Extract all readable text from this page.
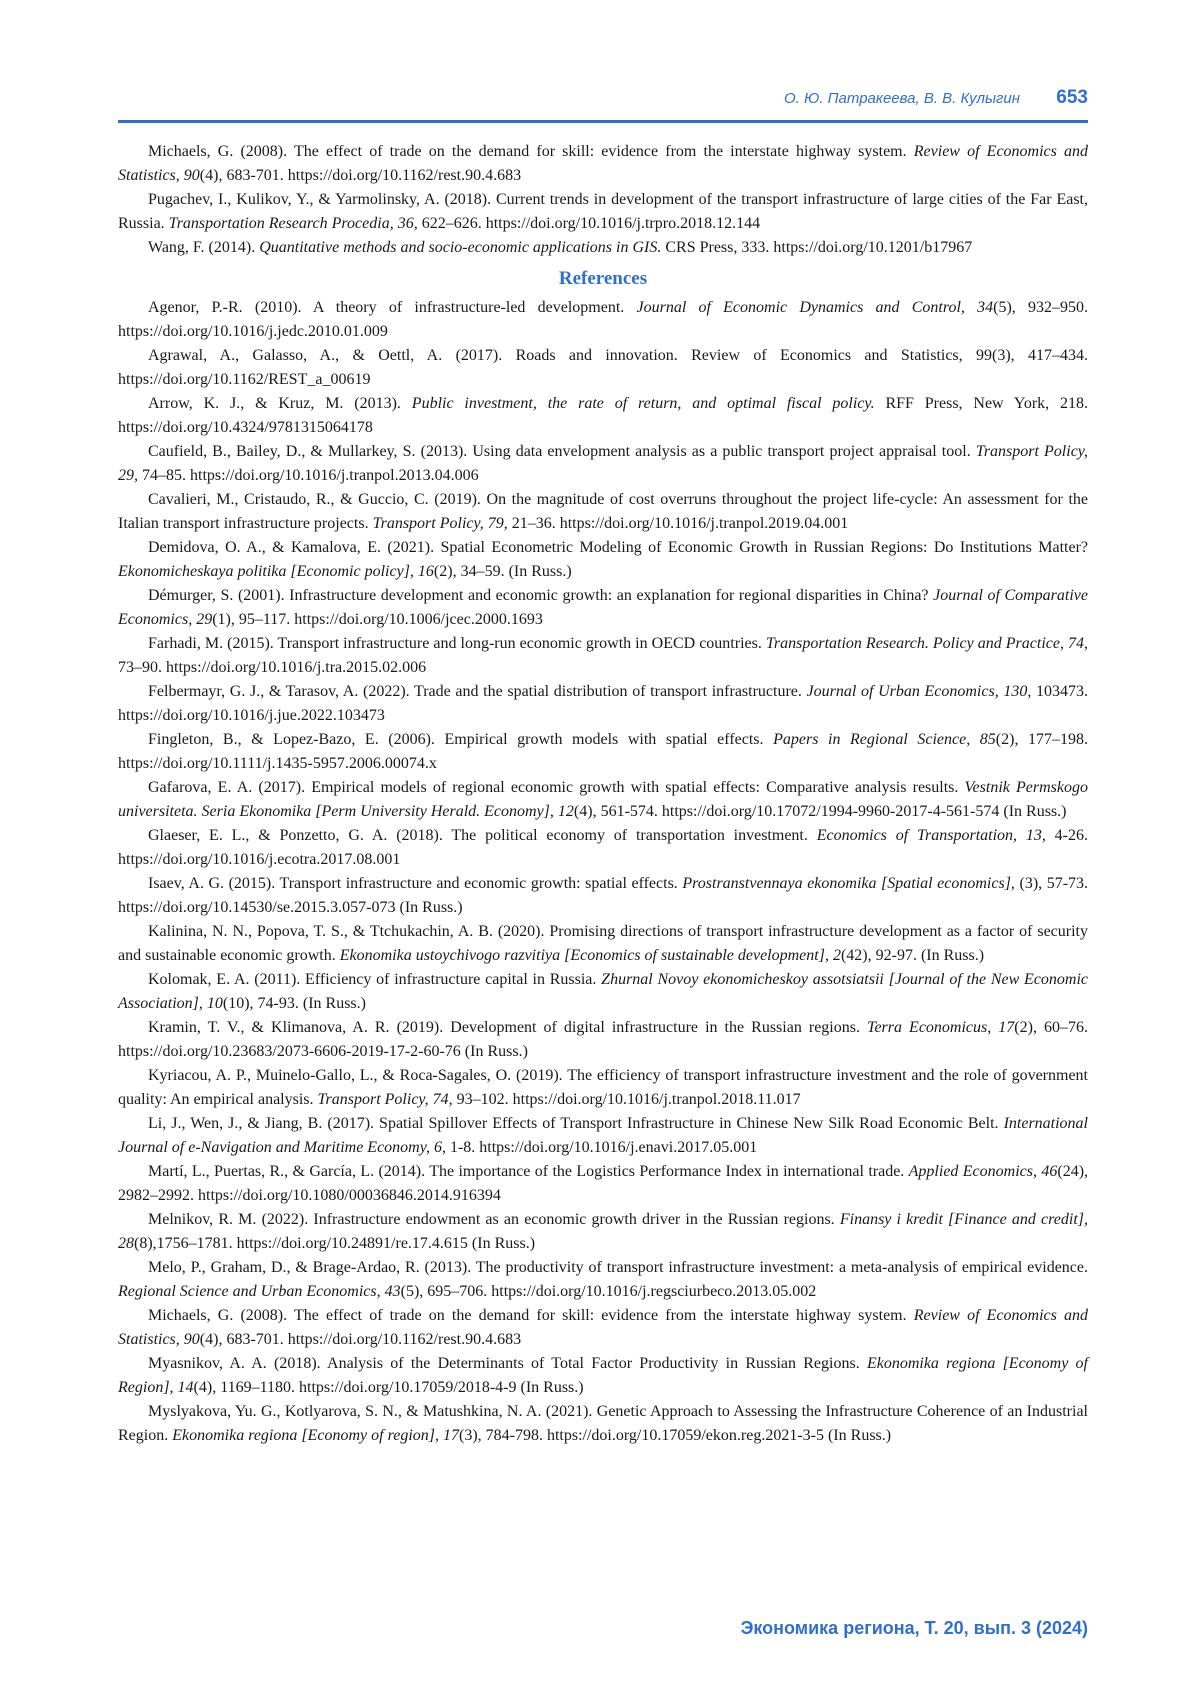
О. Ю. Патракеева, В. В. Кулыгин 653

Michaels, G. (2008). The effect of trade on the demand for skill: evidence from the interstate highway system. Review of Economics and Statistics, 90(4), 683-701. https://doi.org/10.1162/rest.90.4.683

Pugachev, I., Kulikov, Y., & Yarmolinsky, A. (2018). Current trends in development of the transport infrastructure of large cities of the Far East, Russia. Transportation Research Procedia, 36, 622–626. https://doi.org/10.1016/j.trpro.2018.12.144

Wang, F. (2014). Quantitative methods and socio-economic applications in GIS. CRS Press, 333. https://doi.org/10.1201/b17967

References

Agenor, P.-R. (2010). A theory of infrastructure-led development. Journal of Economic Dynamics and Control, 34(5), 932–950. https://doi.org/10.1016/j.jedc.2010.01.009

Agrawal, A., Galasso, A., & Oettl, A. (2017). Roads and innovation. Review of Economics and Statistics, 99(3), 417–434. https://doi.org/10.1162/REST_a_00619

Arrow, K. J., & Kruz, M. (2013). Public investment, the rate of return, and optimal fiscal policy. RFF Press, New York, 218. https://doi.org/10.4324/9781315064178

Caufield, B., Bailey, D., & Mullarkey, S. (2013). Using data envelopment analysis as a public transport project appraisal tool. Transport Policy, 29, 74–85. https://doi.org/10.1016/j.tranpol.2013.04.006

Cavalieri, M., Cristaudo, R., & Guccio, C. (2019). On the magnitude of cost overruns throughout the project life-cycle: An assessment for the Italian transport infrastructure projects. Transport Policy, 79, 21–36. https://doi.org/10.1016/j.tranpol.2019.04.001

Demidova, O. A., & Kamalova, E. (2021). Spatial Econometric Modeling of Economic Growth in Russian Regions: Do Institutions Matter? Ekonomicheskaya politika [Economic policy], 16(2), 34–59. (In Russ.)

Démurger, S. (2001). Infrastructure development and economic growth: an explanation for regional disparities in China? Journal of Comparative Economics, 29(1), 95–117. https://doi.org/10.1006/jcec.2000.1693

Farhadi, M. (2015). Transport infrastructure and long-run economic growth in OECD countries. Transportation Research. Policy and Practice, 74, 73–90. https://doi.org/10.1016/j.tra.2015.02.006

Felbermayr, G. J., & Tarasov, A. (2022). Trade and the spatial distribution of transport infrastructure. Journal of Urban Economics, 130, 103473. https://doi.org/10.1016/j.jue.2022.103473

Fingleton, B., & Lopez-Bazo, E. (2006). Empirical growth models with spatial effects. Papers in Regional Science, 85(2), 177–198. https://doi.org/10.1111/j.1435-5957.2006.00074.x

Gafarova, E. A. (2017). Empirical models of regional economic growth with spatial effects: Comparative analysis results. Vestnik Permskogo universiteta. Seria Ekonomika [Perm University Herald. Economy], 12(4), 561-574. https://doi.org/10.17072/1994-9960-2017-4-561-574 (In Russ.)

Glaeser, E. L., & Ponzetto, G. A. (2018). The political economy of transportation investment. Economics of Transportation, 13, 4-26. https://doi.org/10.1016/j.ecotra.2017.08.001

Isaev, A. G. (2015). Transport infrastructure and economic growth: spatial effects. Prostranstvennaya ekonomika [Spatial economics], (3), 57-73. https://doi.org/10.14530/se.2015.3.057-073 (In Russ.)

Kalinina, N. N., Popova, T. S., & Ttchukachin, A. B. (2020). Promising directions of transport infrastructure development as a factor of security and sustainable economic growth. Ekonomika ustoychivogo razvitiya [Economics of sustainable development], 2(42), 92-97. (In Russ.)

Kolomak, E. A. (2011). Efficiency of infrastructure capital in Russia. Zhurnal Novoy ekonomicheskoy assotsiatsii [Journal of the New Economic Association], 10(10), 74-93. (In Russ.)

Kramin, T. V., & Klimanova, A. R. (2019). Development of digital infrastructure in the Russian regions. Terra Economicus, 17(2), 60–76. https://doi.org/10.23683/2073-6606-2019-17-2-60-76 (In Russ.)

Kyriacou, A. P., Muinelo-Gallo, L., & Roca-Sagales, O. (2019). The efficiency of transport infrastructure investment and the role of government quality: An empirical analysis. Transport Policy, 74, 93–102. https://doi.org/10.1016/j.tranpol.2018.11.017

Li, J., Wen, J., & Jiang, B. (2017). Spatial Spillover Effects of Transport Infrastructure in Chinese New Silk Road Economic Belt. International Journal of e-Navigation and Maritime Economy, 6, 1-8. https://doi.org/10.1016/j.enavi.2017.05.001

Martí, L., Puertas, R., & García, L. (2014). The importance of the Logistics Performance Index in international trade. Applied Economics, 46(24), 2982–2992. https://doi.org/10.1080/00036846.2014.916394

Melnikov, R. M. (2022). Infrastructure endowment as an economic growth driver in the Russian regions. Finansy i kredit [Finance and credit], 28(8),1756–1781. https://doi.org/10.24891/re.17.4.615 (In Russ.)

Melo, P., Graham, D., & Brage-Ardao, R. (2013). The productivity of transport infrastructure investment: a meta-analysis of empirical evidence. Regional Science and Urban Economics, 43(5), 695–706. https://doi.org/10.1016/j.regsciurbeco.2013.05.002

Michaels, G. (2008). The effect of trade on the demand for skill: evidence from the interstate highway system. Review of Economics and Statistics, 90(4), 683-701. https://doi.org/10.1162/rest.90.4.683

Myasnikov, A. A. (2018). Analysis of the Determinants of Total Factor Productivity in Russian Regions. Ekonomika regiona [Economy of Region], 14(4), 1169–1180. https://doi.org/10.17059/2018-4-9 (In Russ.)

Myslyakova, Yu. G., Kotlyarova, S. N., & Matushkina, N. A. (2021). Genetic Approach to Assessing the Infrastructure Coherence of an Industrial Region. Ekonomika regiona [Economy of region], 17(3), 784-798. https://doi.org/10.17059/ekon.reg.2021-3-5 (In Russ.)

Экономика региона, Т. 20, вып. 3 (2024)
